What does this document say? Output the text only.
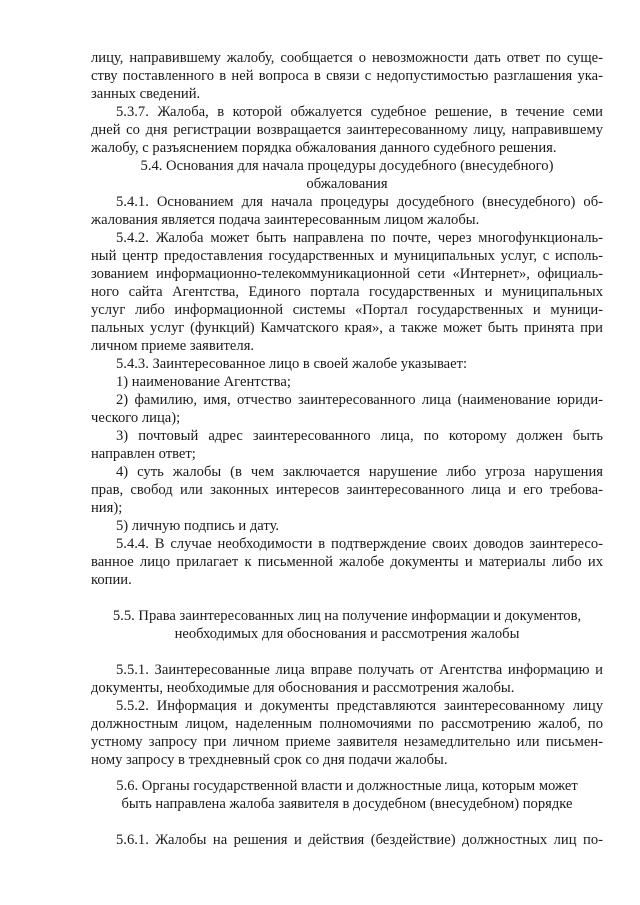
лицу, направившему жалобу, сообщается о невозможности дать ответ по суще-
ству поставленного в ней вопроса в связи с недопустимостью разглашения ука-
занных сведений.
5.3.7. Жалоба, в которой обжалуется судебное решение, в течение семи
дней со дня регистрации возвращается заинтересованному лицу, направившему
жалобу, с разъяснением порядка обжалования данного судебного решения.
5.4. Основания для начала процедуры досудебного (внесудебного)
обжалования
5.4.1. Основанием для начала процедуры досудебного (внесудебного) об-
жалования является подача заинтересованным лицом жалобы.
5.4.2. Жалоба может быть направлена по почте, через многофункциональ-
ный центр предоставления государственных и муниципальных услуг, с исполь-
зованием информационно-телекоммуникационной сети «Интернет», официаль-
ного сайта Агентства, Единого портала государственных и муниципальных
услуг либо информационной системы «Портал государственных и муници-
пальных услуг (функций) Камчатского края», а также может быть принята при
личном приеме заявителя.
5.4.3. Заинтересованное лицо в своей жалобе указывает:
1) наименование Агентства;
2) фамилию, имя, отчество заинтересованного лица (наименование юриди-
ческого лица);
3) почтовый адрес заинтересованного лица, по которому должен быть
направлен ответ;
4) суть жалобы (в чем заключается нарушение либо угроза нарушения
прав, свобод или законных интересов заинтересованного лица и его требова-
ния);
5) личную подпись и дату.
5.4.4. В случае необходимости в подтверждение своих доводов заинтересо-
ванное лицо прилагает к письменной жалобе документы и материалы либо их
копии.
5.5. Права заинтересованных лиц на получение информации и документов,
необходимых для обоснования и рассмотрения жалобы
5.5.1. Заинтересованные лица вправе получать от Агентства информацию и
документы, необходимые для обоснования и рассмотрения жалобы.
5.5.2. Информация и документы представляются заинтересованному лицу
должностным лицом, наделенным полномочиями по рассмотрению жалоб, по
устному запросу при личном приеме заявителя незамедлительно или письмен-
ному запросу в трехдневный срок со дня подачи жалобы.
5.6. Органы государственной власти и должностные лица, которым может
быть направлена жалоба заявителя в досудебном (внесудебном) порядке
5.6.1. Жалобы на решения и действия (бездействие) должностных лиц по-
